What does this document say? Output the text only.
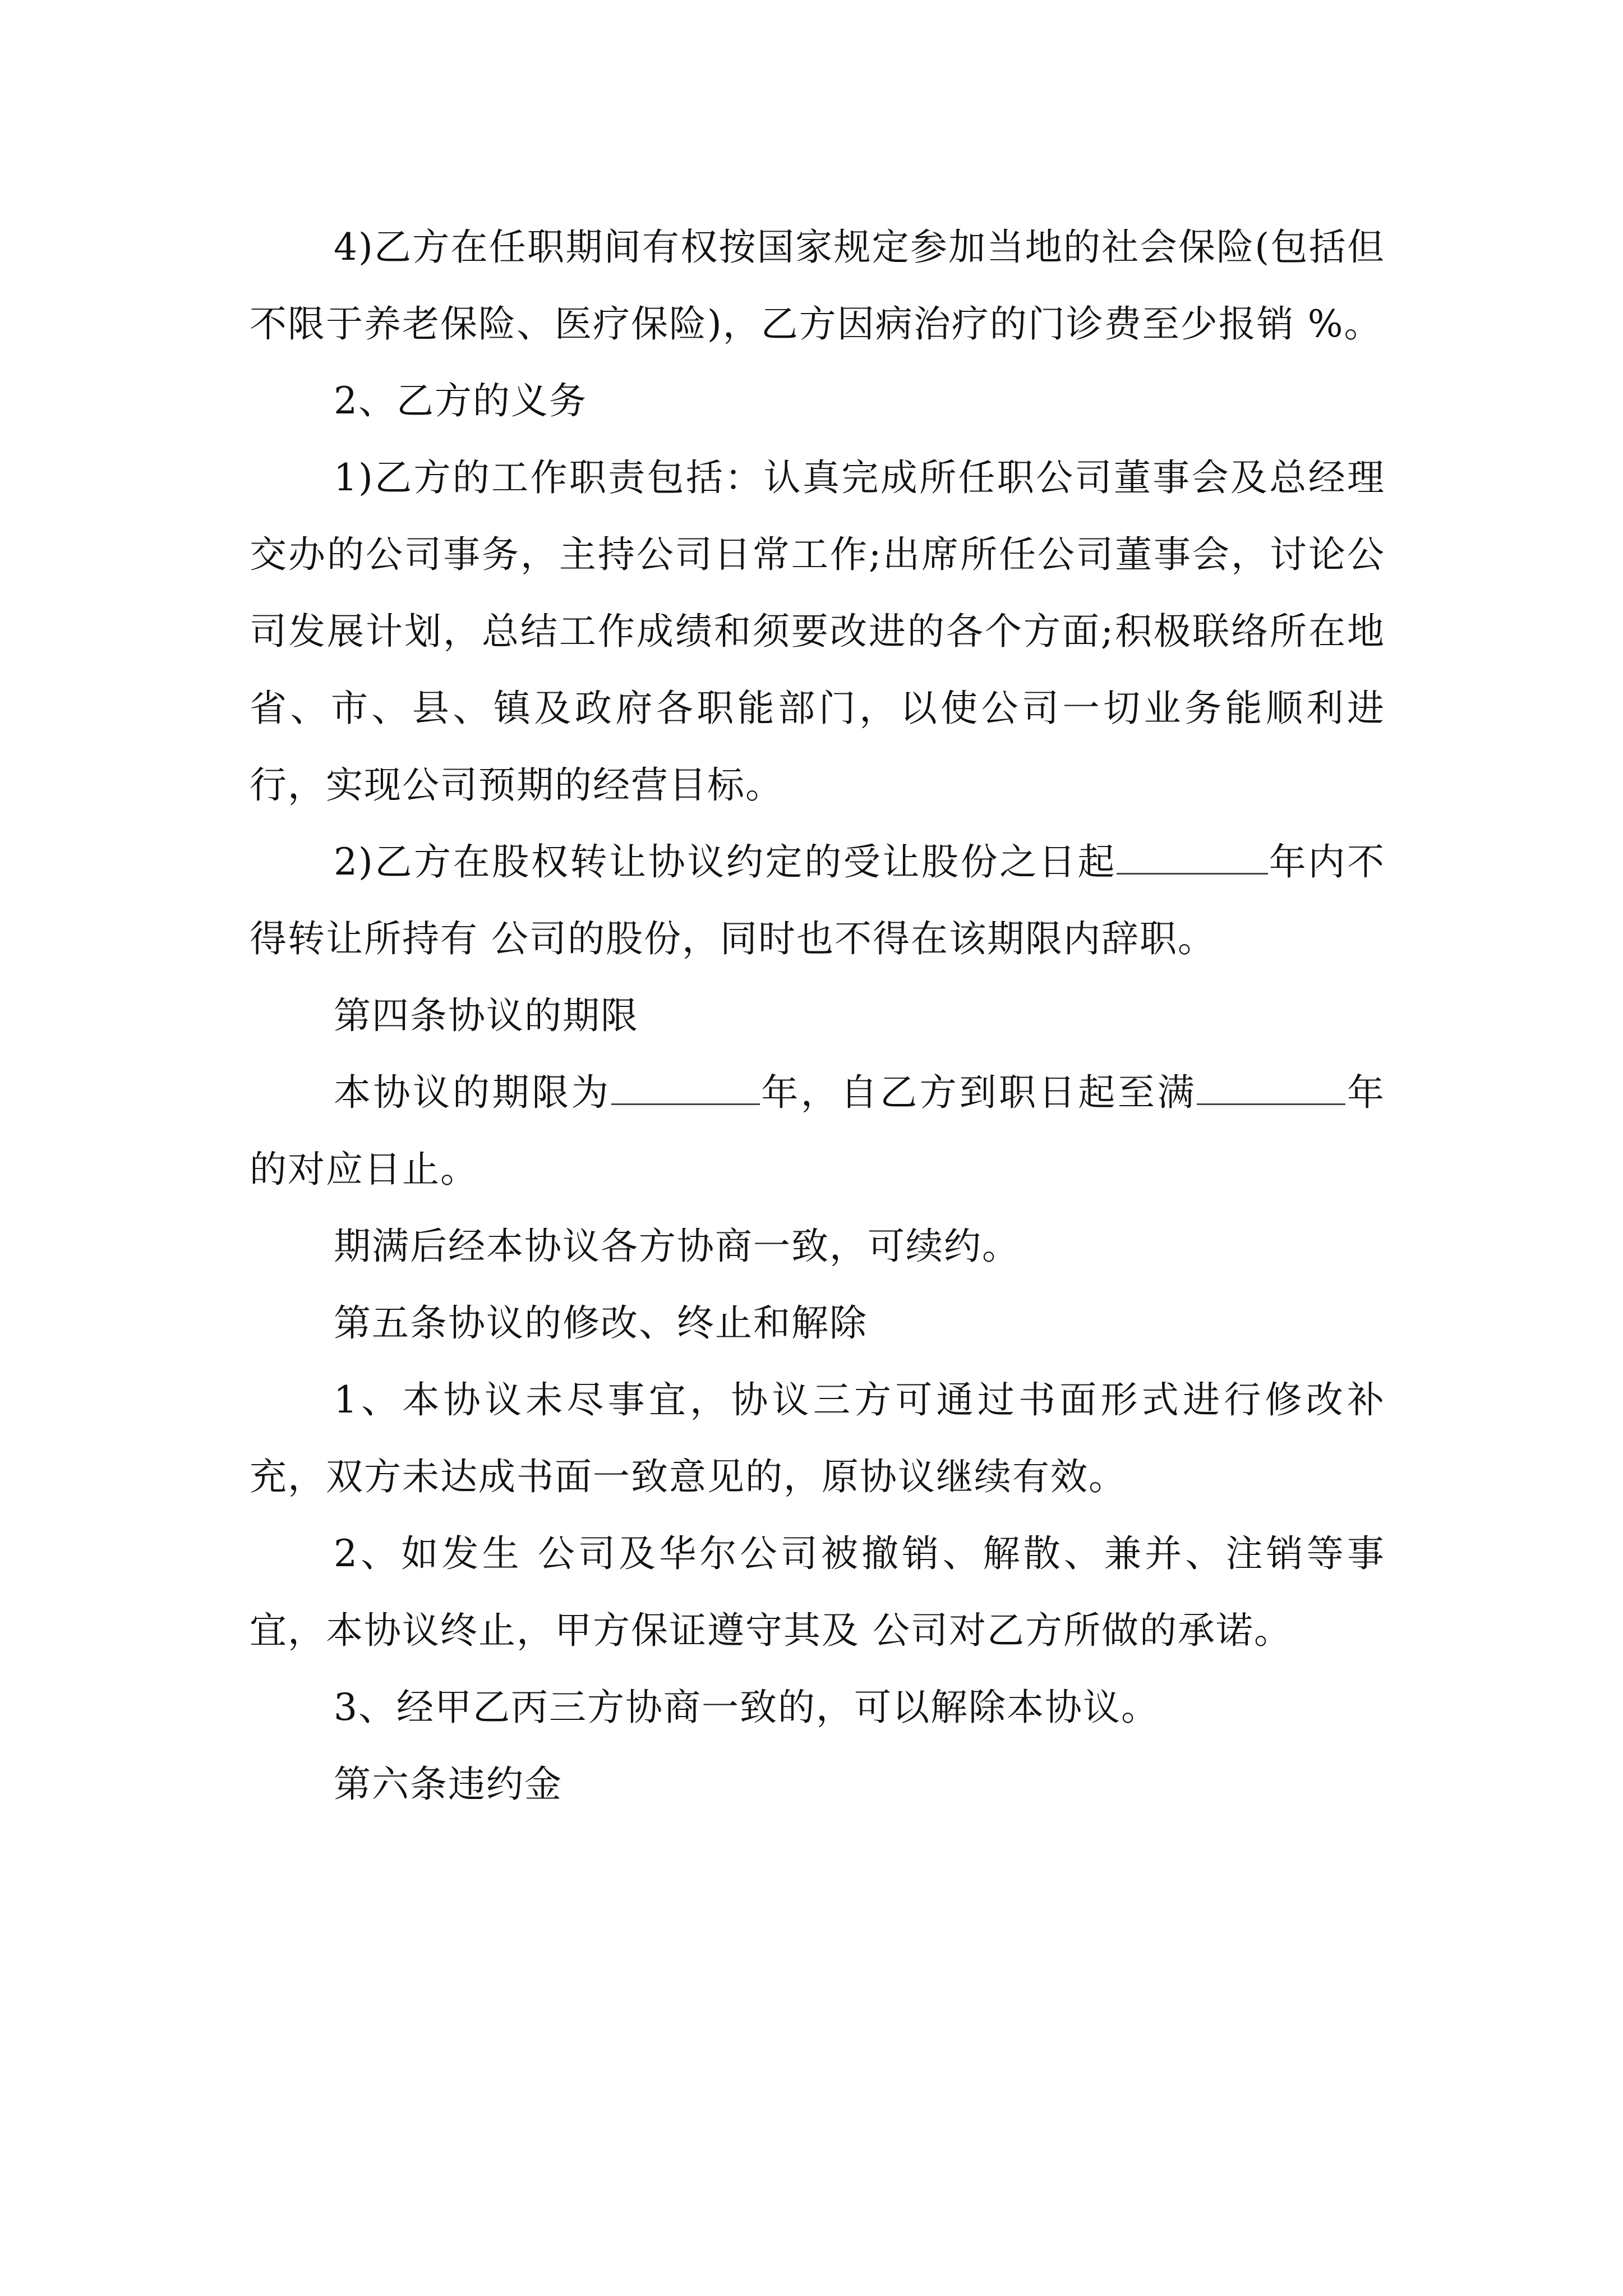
4)乙方在任职期间有权按国家规定参加当地的社会保险(包括但不限于养老保险、医疗保险)，乙方因病治疗的门诊费至少报销 %。

2、乙方的义务

1)乙方的工作职责包括：认真完成所任职公司董事会及总经理交办的公司事务，主持公司日常工作;出席所任公司董事会，讨论公司发展计划，总结工作成绩和须要改进的各个方面;积极联络所在地省、市、县、镇及政府各职能部门，以使公司一切业务能顺利进行，实现公司预期的经营目标。

2)乙方在股权转让协议约定的受让股份之日起	年内不得转让所持有 公司的股份，同时也不得在该期限内辞职。

第四条协议的期限

本协议的期限为	年，自乙方到职日起至满	年的对应日止。

期满后经本协议各方协商一致，可续约。

第五条协议的修改、终止和解除

1、本协议未尽事宜，协议三方可通过书面形式进行修改补充，双方未达成书面一致意见的，原协议继续有效。

2、如发生 公司及华尔公司被撤销、解散、兼并、注销等事宜，本协议终止，甲方保证遵守其及 公司对乙方所做的承诺。

3、经甲乙丙三方协商一致的，可以解除本协议。

第六条违约金
